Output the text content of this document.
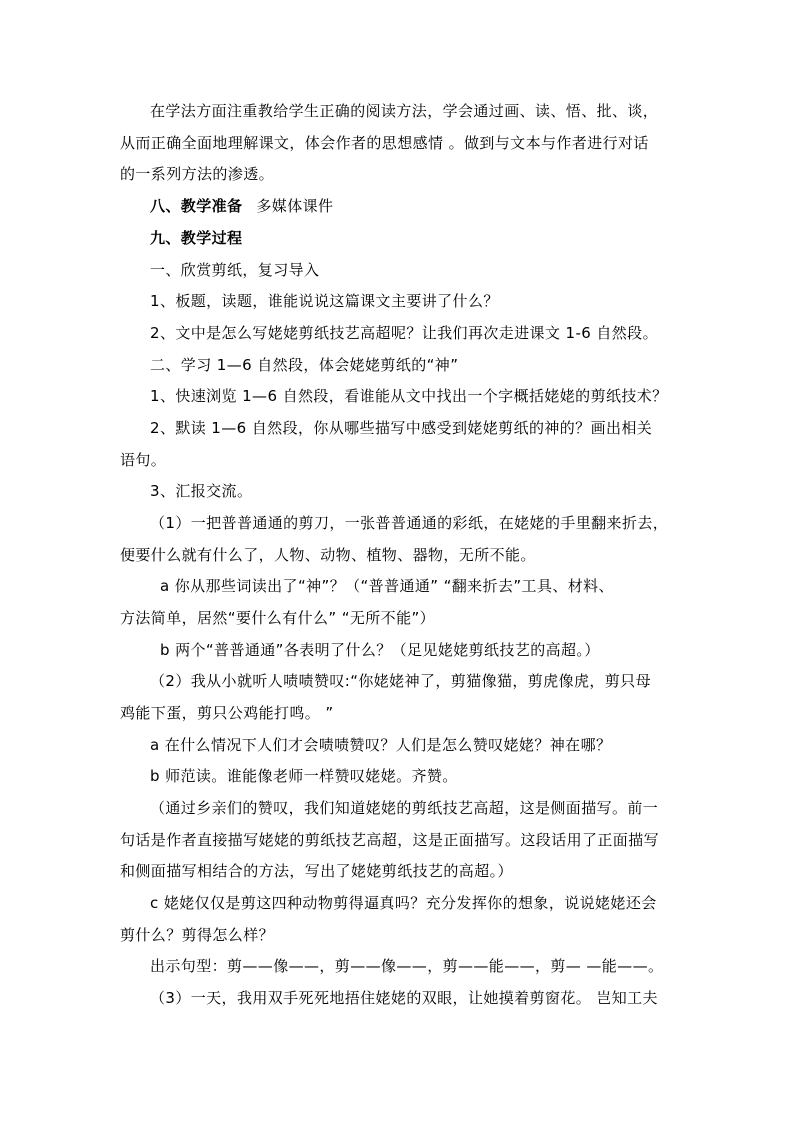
在学法方面注重教给学生正确的阅读方法，学会通过画、读、悟、批、谈，
从而正确全面地理解课文，体会作者的思想感情 。做到与文本与作者进行对话
的一系列方法的渗透。
八、教学准备 多媒体课件
九、教学过程
一、欣赏剪纸，复习导入
1、板题，读题，谁能说说这篇课文主要讲了什么？
2、文中是怎么写姥姥剪纸技艺高超呢？让我们再次走进课文 1-6 自然段。
二、学习 1—6 自然段，体会姥姥剪纸的“神”
1、快速浏览 1—6 自然段，看谁能从文中找出一个字概括姥姥的剪纸技术？
2、默读 1—6 自然段，你从哪些描写中感受到姥姥剪纸的神的？画出相关
语句。
3、汇报交流。
（1）一把普普通通的剪刀，一张普普通通的彩纸，在姥姥的手里翻来折去，
便要什么就有什么了，人物、动物、植物、器物，无所不能。
a 你从那些词读出了“神”？（“普普通通” “翻来折去”工具、材料、
方法简单，居然“要什么有什么” “无所不能”）
b 两个“普普通通”各表明了什么？（足见姥姥剪纸技艺的高超。）
（2）我从小就听人啧啧赞叹:“你姥姥神了，剪猫像猫，剪虎像虎，剪只母
鸡能下蛋，剪只公鸡能打鸣。 ”
a 在什么情况下人们才会啧啧赞叹？人们是怎么赞叹姥姥？神在哪？
b 师范读。谁能像老师一样赞叹姥姥。齐赞。
（通过乡亲们的赞叹，我们知道姥姥的剪纸技艺高超，这是侧面描写。前一
句话是作者直接描写姥姥的剪纸技艺高超，这是正面描写。这段话用了正面描写
和侧面描写相结合的方法，写出了姥姥剪纸技艺的高超。）
c 姥姥仅仅是剪这四种动物剪得逼真吗？充分发挥你的想象，说说姥姥还会
剪什么？剪得怎么样？
出示句型：剪——像——，剪——像——，剪——能——，剪— —能——。
（3）一天，我用双手死死地捂住姥姥的双眼，让她摸着剪窗花。 岂知工夫
